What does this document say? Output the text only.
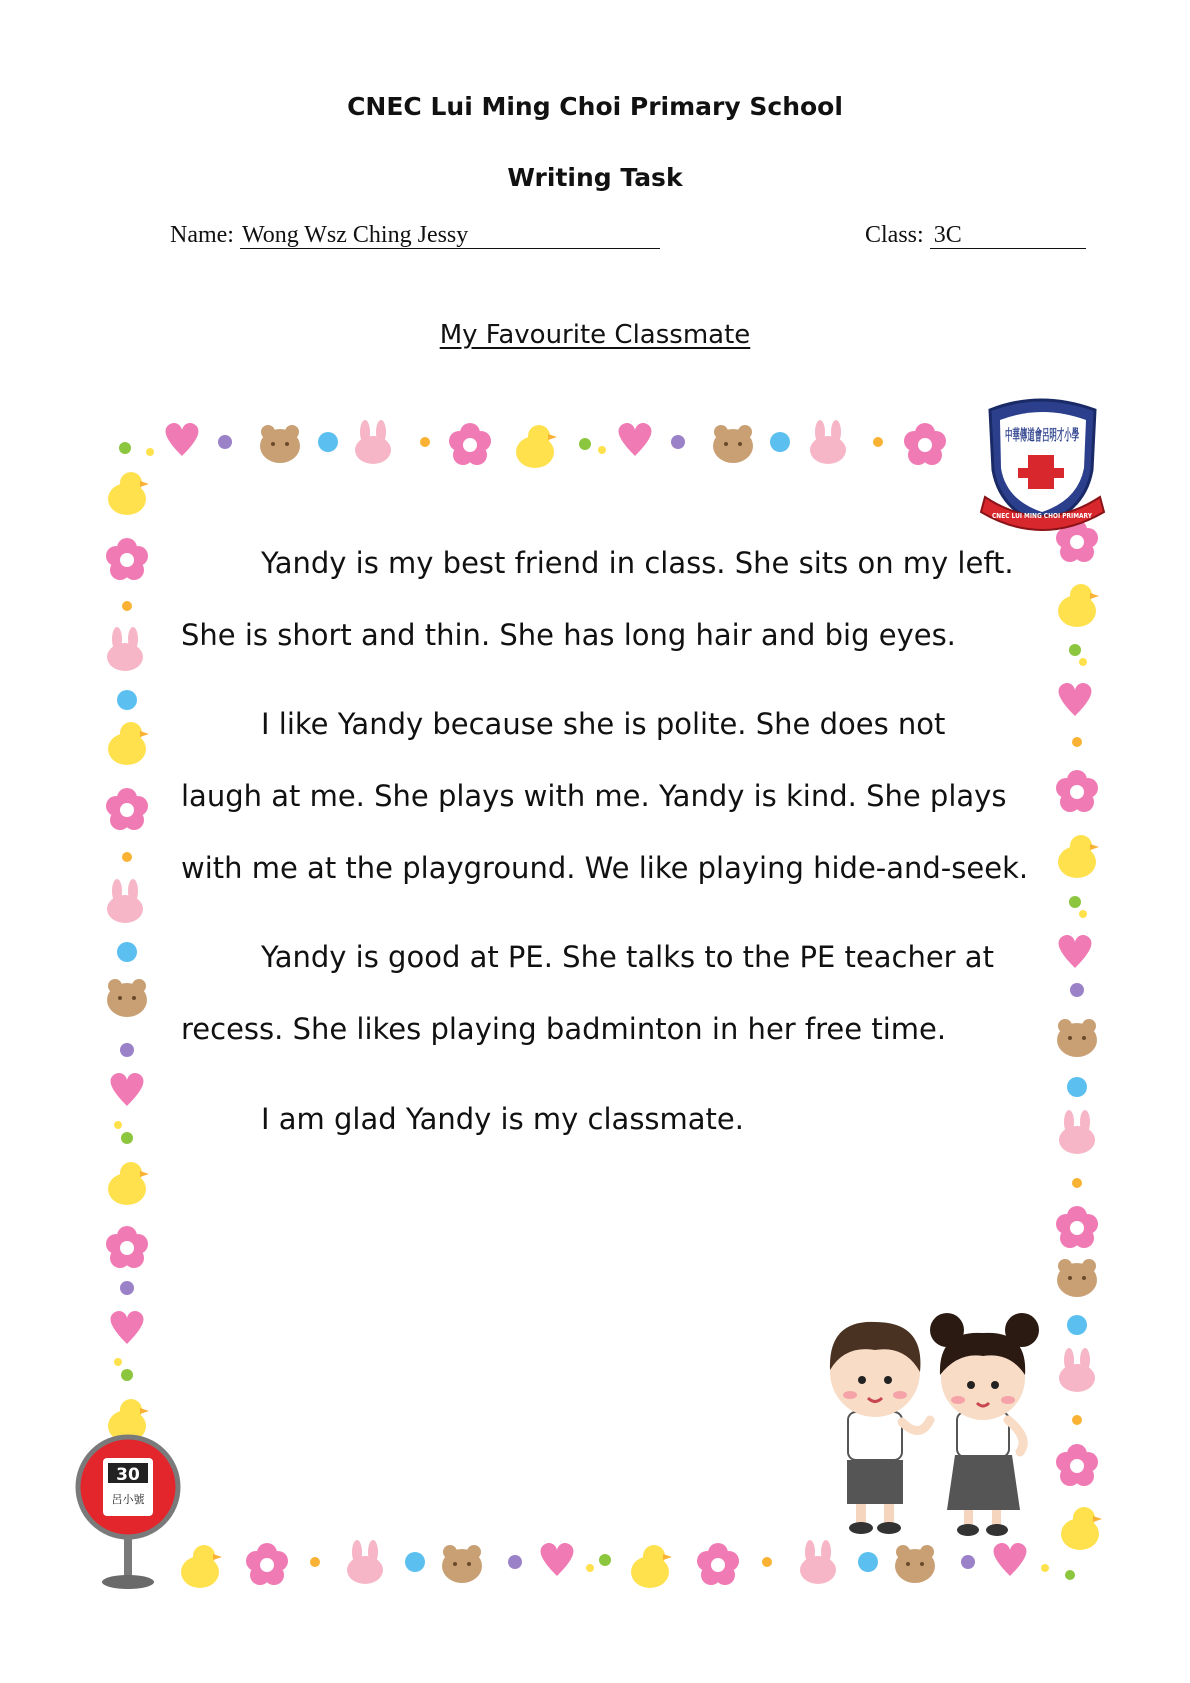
CNEC Lui Ming Choi Primary School
Writing Task
Name: Wong Wsz Ching Jessy	Class: 3C
My Favourite Classmate

Yandy is my best friend in class. She sits on my left. She is short and thin. She has long hair and big eyes.

I like Yandy because she is polite. She does not laugh at me. She plays with me. Yandy is kind. She plays with me at the playground. We like playing hide-and-seek.

Yandy is good at PE. She talks to the PE teacher at recess. She likes playing badminton in her free time.

I am glad Yandy is my classmate.

中華傳道會呂明才小學
CNEC LUI MING CHOI PRIMARY
30
呂小號
